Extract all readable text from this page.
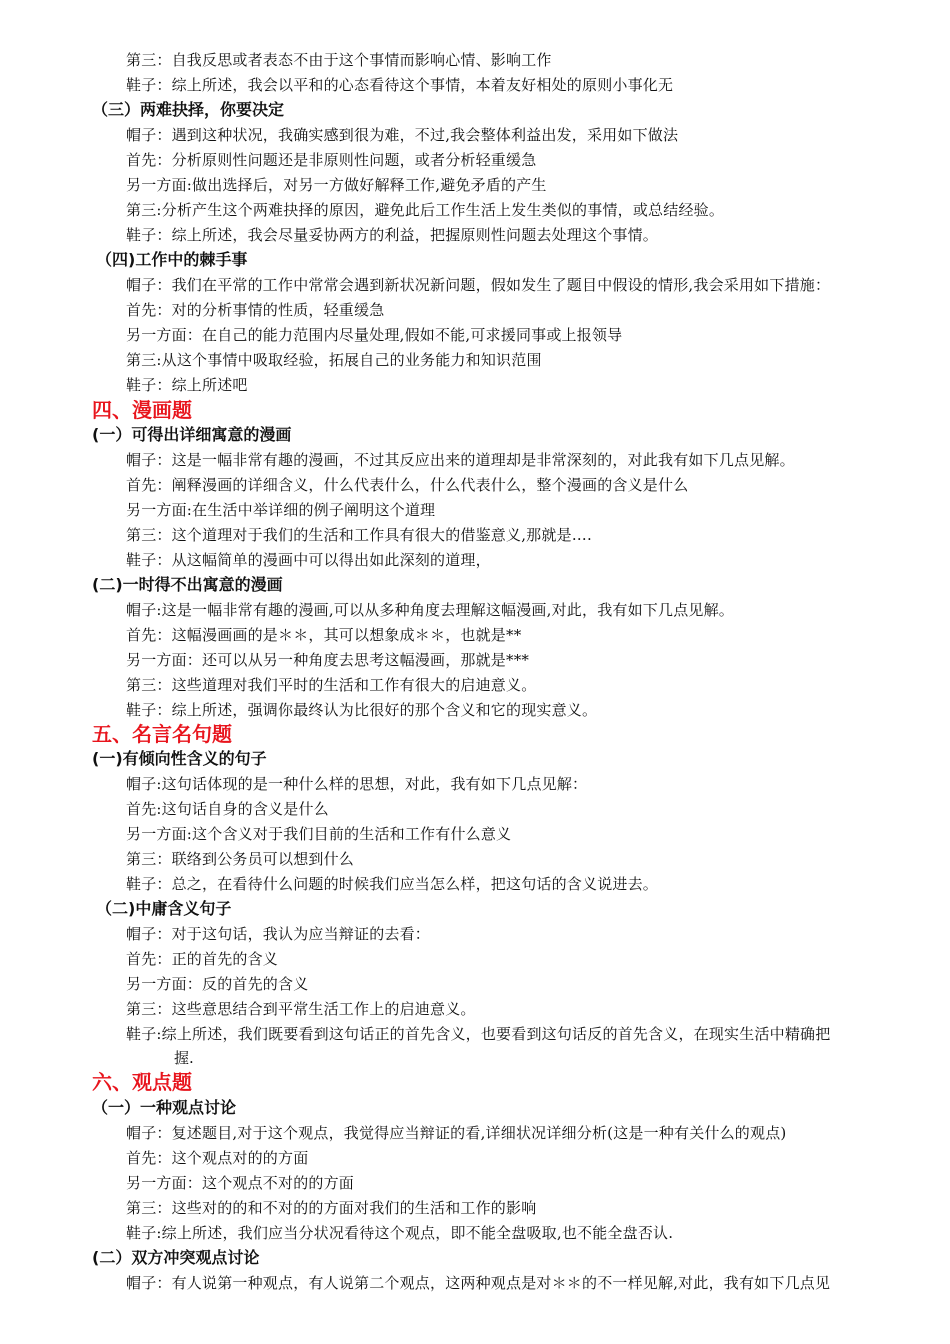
第三：自我反思或者表态不由于这个事情而影响心情、影响工作
鞋子：综上所述，我会以平和的心态看待这个事情，本着友好相处的原则小事化无
（三）两难抉择，你要决定
帽子：遇到这种状况，我确实感到很为难，不过,我会整体利益出发，采用如下做法
首先：分析原则性问题还是非原则性问题，或者分析轻重缓急
另一方面:做出选择后，对另一方做好解释工作,避免矛盾的产生
第三:分析产生这个两难抉择的原因，避免此后工作生活上发生类似的事情，或总结经验。
鞋子：综上所述，我会尽量妥协两方的利益，把握原则性问题去处理这个事情。
（四)工作中的棘手事
帽子：我们在平常的工作中常常会遇到新状况新问题，假如发生了题目中假设的情形,我会采用如下措施：
首先：对的分析事情的性质，轻重缓急
另一方面：在自己的能力范围内尽量处理,假如不能,可求援同事或上报领导
第三:从这个事情中吸取经验，拓展自己的业务能力和知识范围
鞋子：综上所述吧
四、漫画题
(一）可得出详细寓意的漫画
帽子：这是一幅非常有趣的漫画，不过其反应出来的道理却是非常深刻的，对此我有如下几点见解。
首先：阐释漫画的详细含义，什么代表什么，什么代表什么，整个漫画的含义是什么
另一方面:在生活中举详细的例子阐明这个道理
第三：这个道理对于我们的生活和工作具有很大的借鉴意义,那就是….
鞋子：从这幅简单的漫画中可以得出如此深刻的道理，
(二)一时得不出寓意的漫画
帽子:这是一幅非常有趣的漫画,可以从多种角度去理解这幅漫画,对此，我有如下几点见解。
首先：这幅漫画画的是＊＊，其可以想象成＊＊，也就是**
另一方面：还可以从另一种角度去思考这幅漫画，那就是***
第三：这些道理对我们平时的生活和工作有很大的启迪意义。
鞋子：综上所述，强调你最终认为比很好的那个含义和它的现实意义。
五、名言名句题
(一)有倾向性含义的句子
帽子:这句话体现的是一种什么样的思想，对此，我有如下几点见解：
首先:这句话自身的含义是什么
另一方面:这个含义对于我们目前的生活和工作有什么意义
第三：联络到公务员可以想到什么
鞋子：总之，在看待什么问题的时候我们应当怎么样，把这句话的含义说进去。
（二)中庸含义句子
帽子：对于这句话，我认为应当辩证的去看：
首先：正的首先的含义
另一方面：反的首先的含义
第三：这些意思结合到平常生活工作上的启迪意义。
鞋子:综上所述，我们既要看到这句话正的首先含义，也要看到这句话反的首先含义，在现实生活中精确把
握.
六、观点题
（一）一种观点讨论
帽子：复述题目,对于这个观点，我觉得应当辩证的看,详细状况详细分析(这是一种有关什么的观点)
首先：这个观点对的的方面
另一方面：这个观点不对的的方面
第三：这些对的的和不对的的方面对我们的生活和工作的影响
鞋子:综上所述，我们应当分状况看待这个观点，即不能全盘吸取,也不能全盘否认.
(二）双方冲突观点讨论
帽子：有人说第一种观点，有人说第二个观点，这两种观点是对＊＊的不一样见解,对此，我有如下几点见
